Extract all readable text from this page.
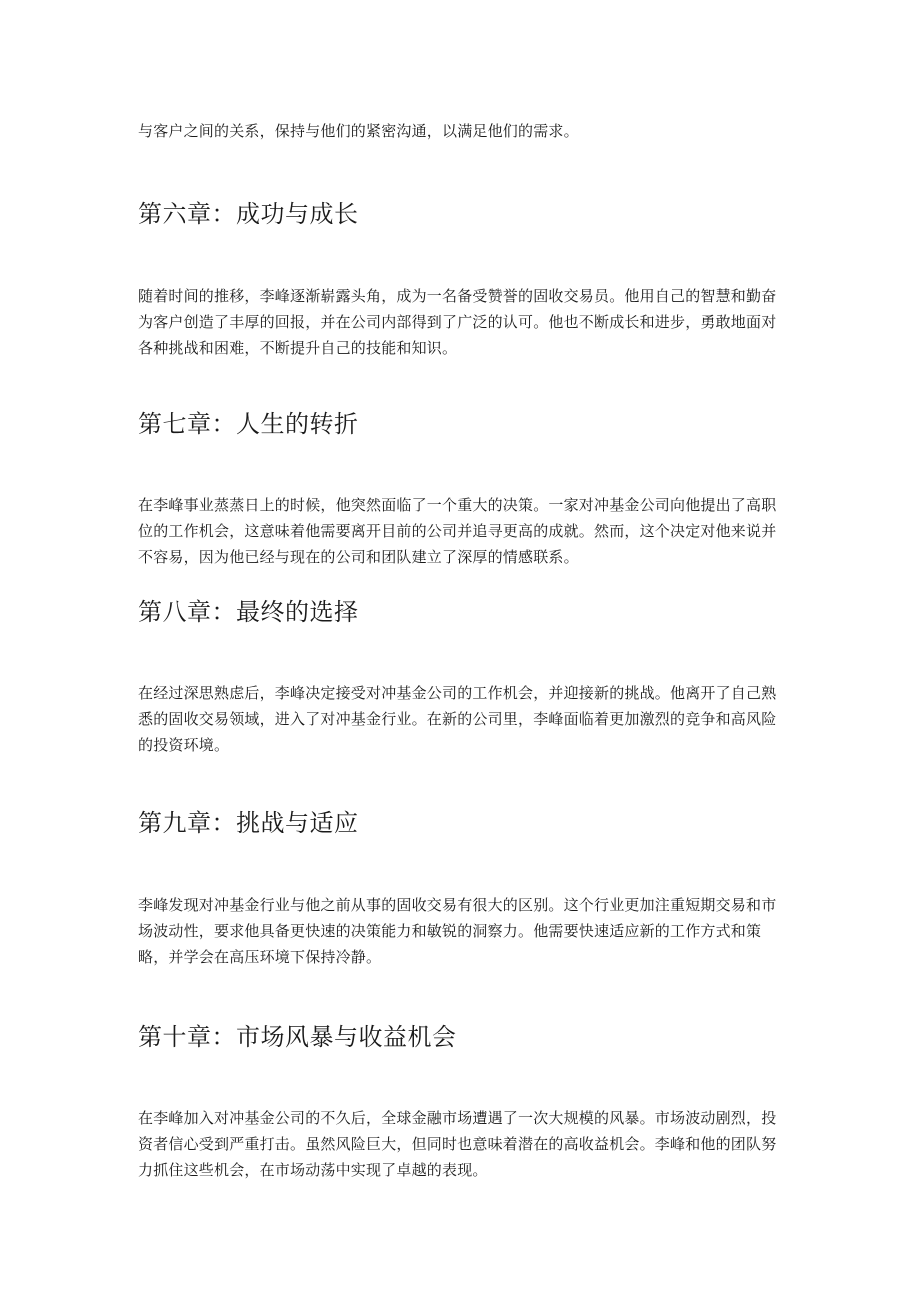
与客户之间的关系，保持与他们的紧密沟通，以满足他们的需求。

第六章：成功与成长

随着时间的推移，李峰逐渐崭露头角，成为一名备受赞誉的固收交易员。他用自己的智慧和勤奋为客户创造了丰厚的回报，并在公司内部得到了广泛的认可。他也不断成长和进步，勇敢地面对各种挑战和困难，不断提升自己的技能和知识。

第七章：人生的转折

在李峰事业蒸蒸日上的时候，他突然面临了一个重大的决策。一家对冲基金公司向他提出了高职位的工作机会，这意味着他需要离开目前的公司并追寻更高的成就。然而，这个决定对他来说并不容易，因为他已经与现在的公司和团队建立了深厚的情感联系。

第八章：最终的选择

在经过深思熟虑后，李峰决定接受对冲基金公司的工作机会，并迎接新的挑战。他离开了自己熟悉的固收交易领域，进入了对冲基金行业。在新的公司里，李峰面临着更加激烈的竞争和高风险的投资环境。

第九章：挑战与适应

李峰发现对冲基金行业与他之前从事的固收交易有很大的区别。这个行业更加注重短期交易和市场波动性，要求他具备更快速的决策能力和敏锐的洞察力。他需要快速适应新的工作方式和策略，并学会在高压环境下保持冷静。

第十章：市场风暴与收益机会

在李峰加入对冲基金公司的不久后，全球金融市场遭遇了一次大规模的风暴。市场波动剧烈，投资者信心受到严重打击。虽然风险巨大，但同时也意味着潜在的高收益机会。李峰和他的团队努力抓住这些机会，在市场动荡中实现了卓越的表现。
